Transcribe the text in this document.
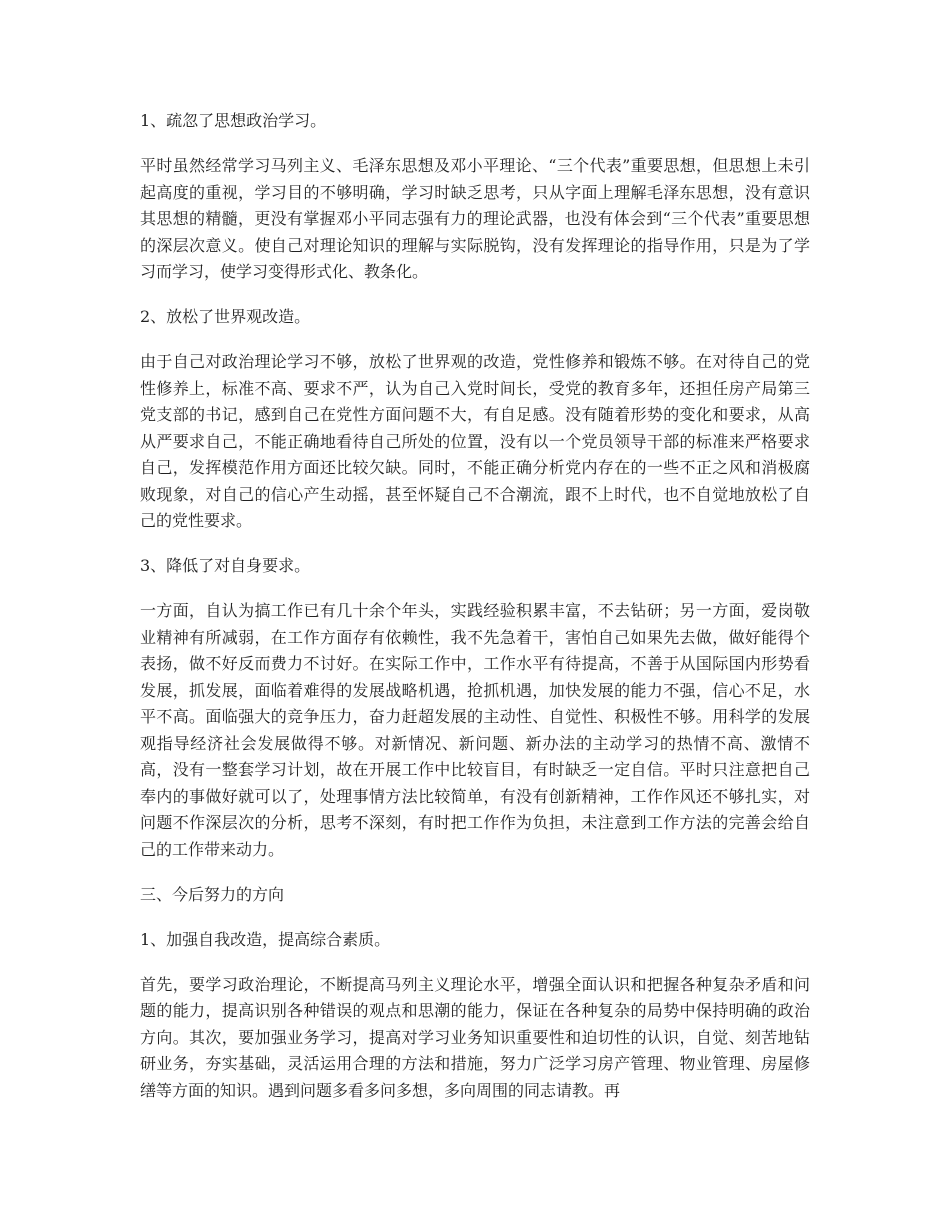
1、疏忽了思想政治学习。

平时虽然经常学习马列主义、毛泽东思想及邓小平理论、“三个代表”重要思想，但思想上未引起高度的重视，学习目的不够明确，学习时缺乏思考，只从字面上理解毛泽东思想，没有意识其思想的精髓，更没有掌握邓小平同志强有力的理论武器，也没有体会到“三个代表”重要思想的深层次意义。使自己对理论知识的理解与实际脱钩，没有发挥理论的指导作用，只是为了学习而学习，使学习变得形式化、教条化。

2、放松了世界观改造。

由于自己对政治理论学习不够，放松了世界观的改造，党性修养和锻炼不够。在对待自己的党性修养上，标准不高、要求不严，认为自己入党时间长，受党的教育多年，还担任房产局第三党支部的书记，感到自己在党性方面问题不大，有自足感。没有随着形势的变化和要求，从高从严要求自己，不能正确地看待自己所处的位置，没有以一个党员领导干部的标准来严格要求自己，发挥模范作用方面还比较欠缺。同时，不能正确分析党内存在的一些不正之风和消极腐败现象，对自己的信心产生动摇，甚至怀疑自己不合潮流，跟不上时代，也不自觉地放松了自己的党性要求。

3、降低了对自身要求。

一方面，自认为搞工作已有几十余个年头，实践经验积累丰富，不去钻研；另一方面，爱岗敬业精神有所减弱，在工作方面存有依赖性，我不先急着干，害怕自己如果先去做，做好能得个表扬，做不好反而费力不讨好。在实际工作中，工作水平有待提高，不善于从国际国内形势看发展，抓发展，面临着难得的发展战略机遇，抢抓机遇，加快发展的能力不强，信心不足，水平不高。面临强大的竞争压力，奋力赶超发展的主动性、自觉性、积极性不够。用科学的发展观指导经济社会发展做得不够。对新情况、新问题、新办法的主动学习的热情不高、激情不高，没有一整套学习计划，故在开展工作中比较盲目，有时缺乏一定自信。平时只注意把自己奉内的事做好就可以了，处理事情方法比较简单，有没有创新精神，工作作风还不够扎实，对问题不作深层次的分析，思考不深刻，有时把工作作为负担，未注意到工作方法的完善会给自己的工作带来动力。

三、今后努力的方向

1、加强自我改造，提高综合素质。

首先，要学习政治理论，不断提高马列主义理论水平，增强全面认识和把握各种复杂矛盾和问题的能力，提高识别各种错误的观点和思潮的能力，保证在各种复杂的局势中保持明确的政治方向。其次，要加强业务学习，提高对学习业务知识重要性和迫切性的认识，自觉、刻苦地钻研业务，夯实基础，灵活运用合理的方法和措施，努力广泛学习房产管理、物业管理、房屋修缮等方面的知识。遇到问题多看多问多想，多向周围的同志请教。再
